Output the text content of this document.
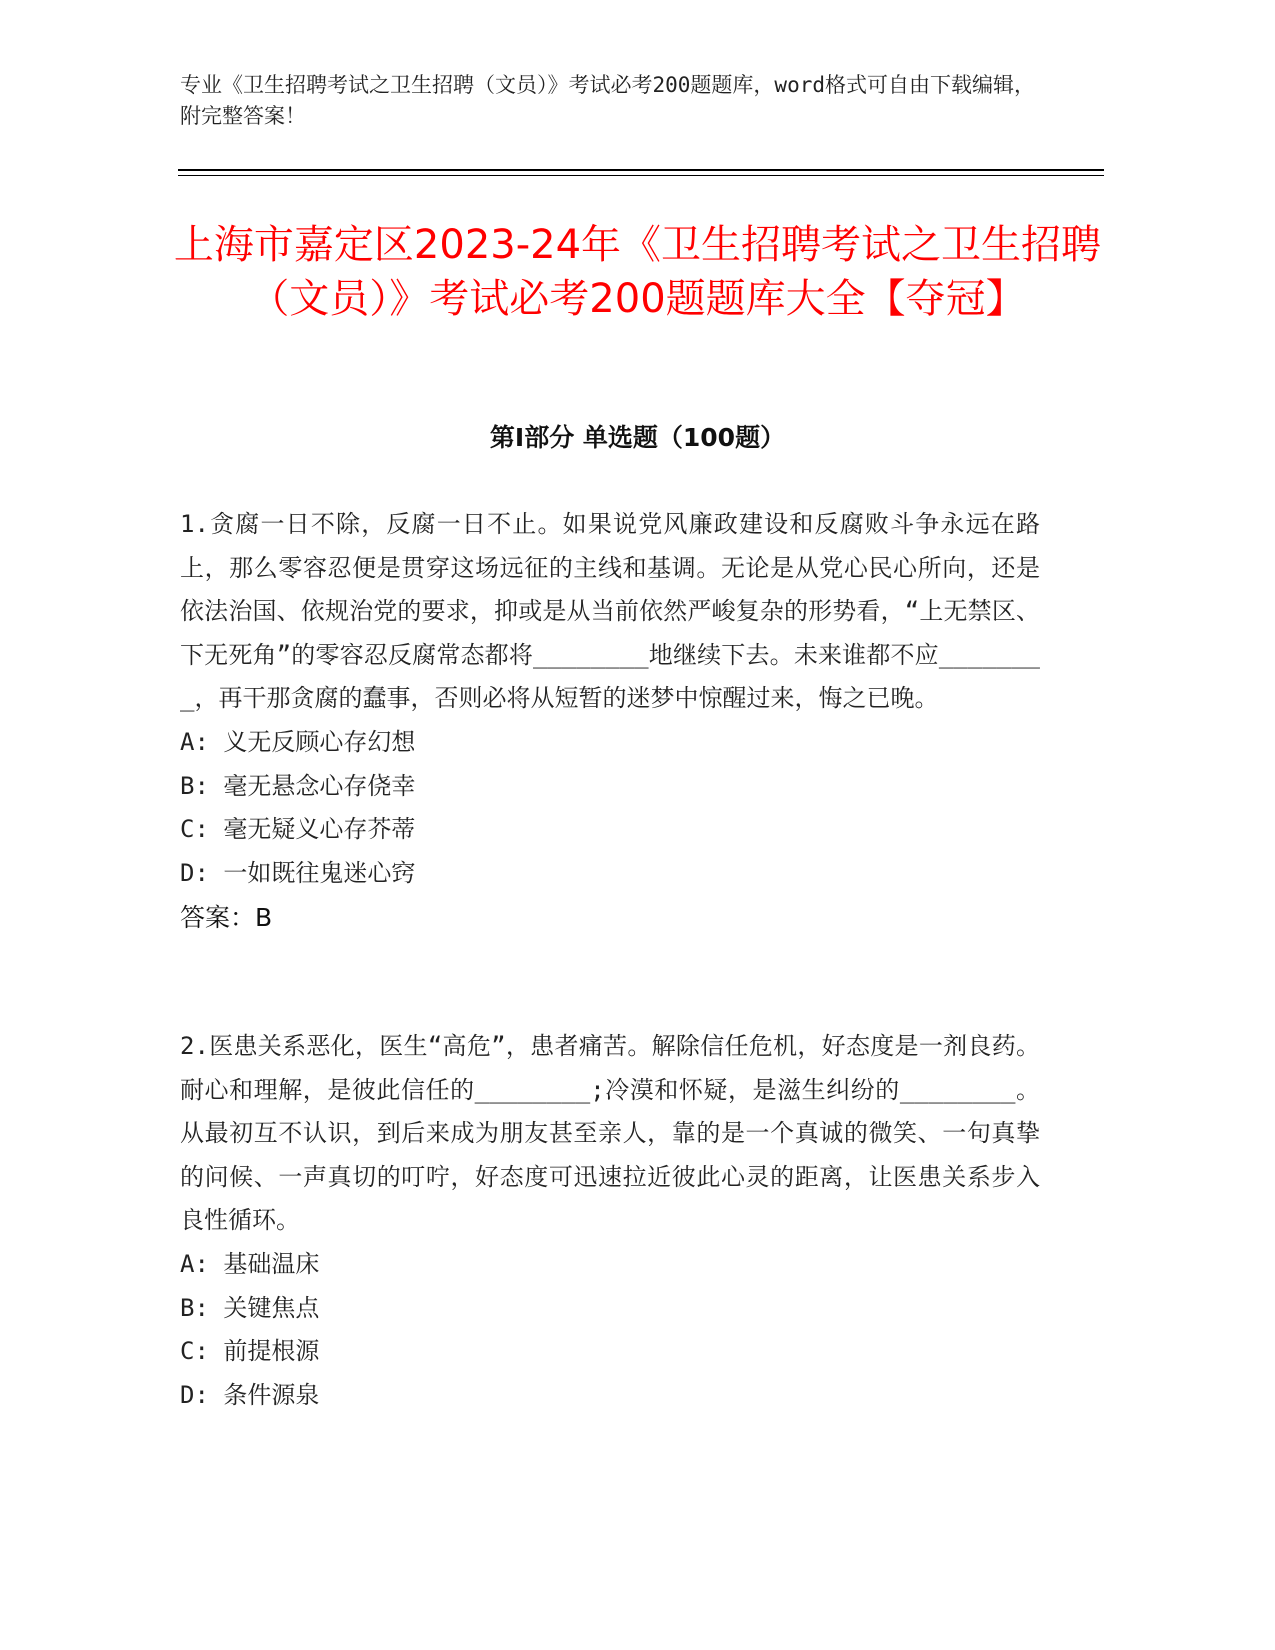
专业《卫生招聘考试之卫生招聘（文员）》考试必考200题题库，word格式可自由下载编辑，附完整答案！
上海市嘉定区2023-24年《卫生招聘考试之卫生招聘（文员）》考试必考200题题库大全【夺冠】
第I部分 单选题（100题）

1.贪腐一日不除，反腐一日不止。如果说党风廉政建设和反腐败斗争永远在路上，那么零容忍便是贯穿这场远征的主线和基调。无论是从党心民心所向，还是依法治国、依规治党的要求，抑或是从当前依然严峻复杂的形势看，“上无禁区、下无死角”的零容忍反腐常态都将________地继续下去。未来谁都不应________，再干那贪腐的蠢事，否则必将从短暂的迷梦中惊醒过来，悔之已晚。

A: 义无反顾心存幻想
B: 毫无悬念心存侥幸
C: 毫无疑义心存芥蒂
D: 一如既往鬼迷心窍

答案：B

2.医患关系恶化，医生“高危”，患者痛苦。解除信任危机，好态度是一剂良药。耐心和理解，是彼此信任的________;冷漠和怀疑，是滋生纠纷的________。从最初互不认识，到后来成为朋友甚至亲人，靠的是一个真诚的微笑、一句真挚的问候、一声真切的叮咛，好态度可迅速拉近彼此心灵的距离，让医患关系步入良性循环。

A: 基础温床
B: 关键焦点
C: 前提根源
D: 条件源泉
